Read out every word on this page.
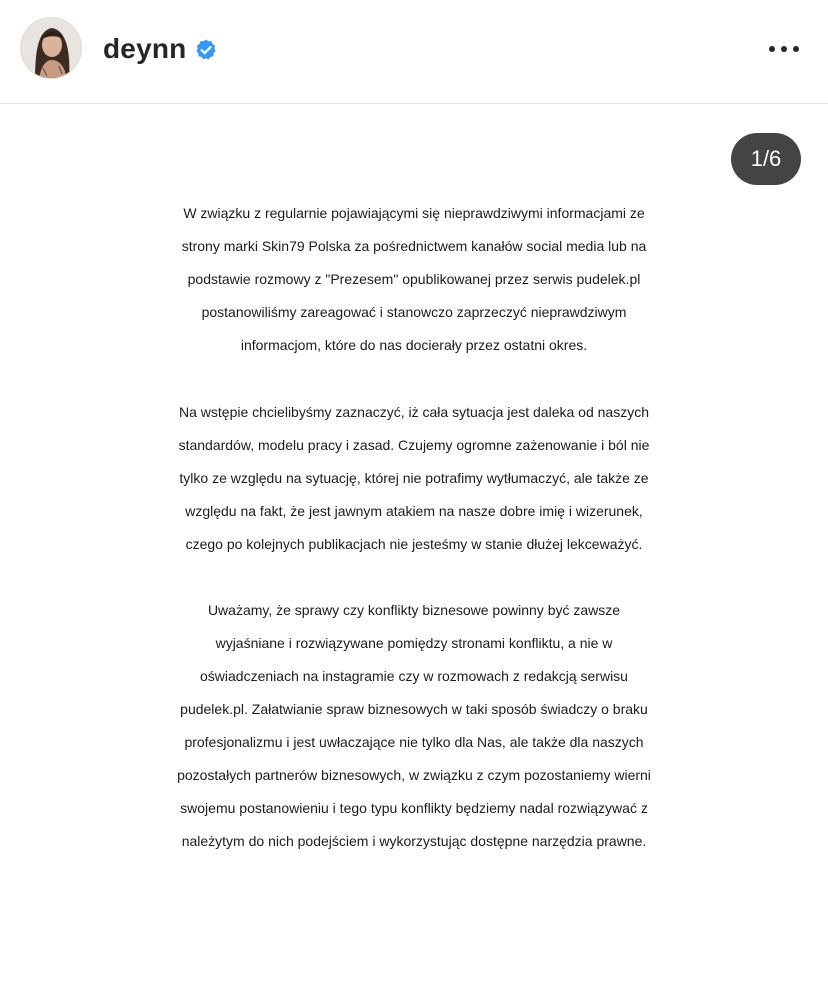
deynn
1/6
W związku z regularnie pojawiającymi się nieprawdziwymi informacjami ze
strony marki Skin79 Polska za pośrednictwem kanałów social media lub na
podstawie rozmowy z "Prezesem" opublikowanej przez serwis pudelek.pl
postanowiliśmy zareagować i stanowczo zaprzeczyć nieprawdziwym
informacjom, które do nas docierały przez ostatni okres.
Na wstępie chcielibyśmy zaznaczyć, iż cała sytuacja jest daleka od naszych
standardów, modelu pracy i zasad. Czujemy ogromne zażenowanie i ból nie
tylko ze względu na sytuację, której nie potrafimy wytłumaczyć, ale także ze
względu na fakt, że jest jawnym atakiem na nasze dobre imię i wizerunek,
czego po kolejnych publikacjach nie jesteśmy w stanie dłużej lekceważyć.
Uważamy, że sprawy czy konflikty biznesowe powinny być zawsze
wyjaśniane i rozwiązywane pomiędzy stronami konfliktu, a nie w
oświadczeniach na instagramie czy w rozmowach z redakcją serwisu
pudelek.pl. Załatwianie spraw biznesowych w taki sposób świadczy o braku
profesjonalizmu i jest uwłaczające nie tylko dla Nas, ale także dla naszych
pozostałych partnerów biznesowych, w związku z czym pozostaniemy wierni
swojemu postanowieniu i tego typu konflikty będziemy nadal rozwiązywać z
należytym do nich podejściem i wykorzystując dostępne narzędzia prawne.
